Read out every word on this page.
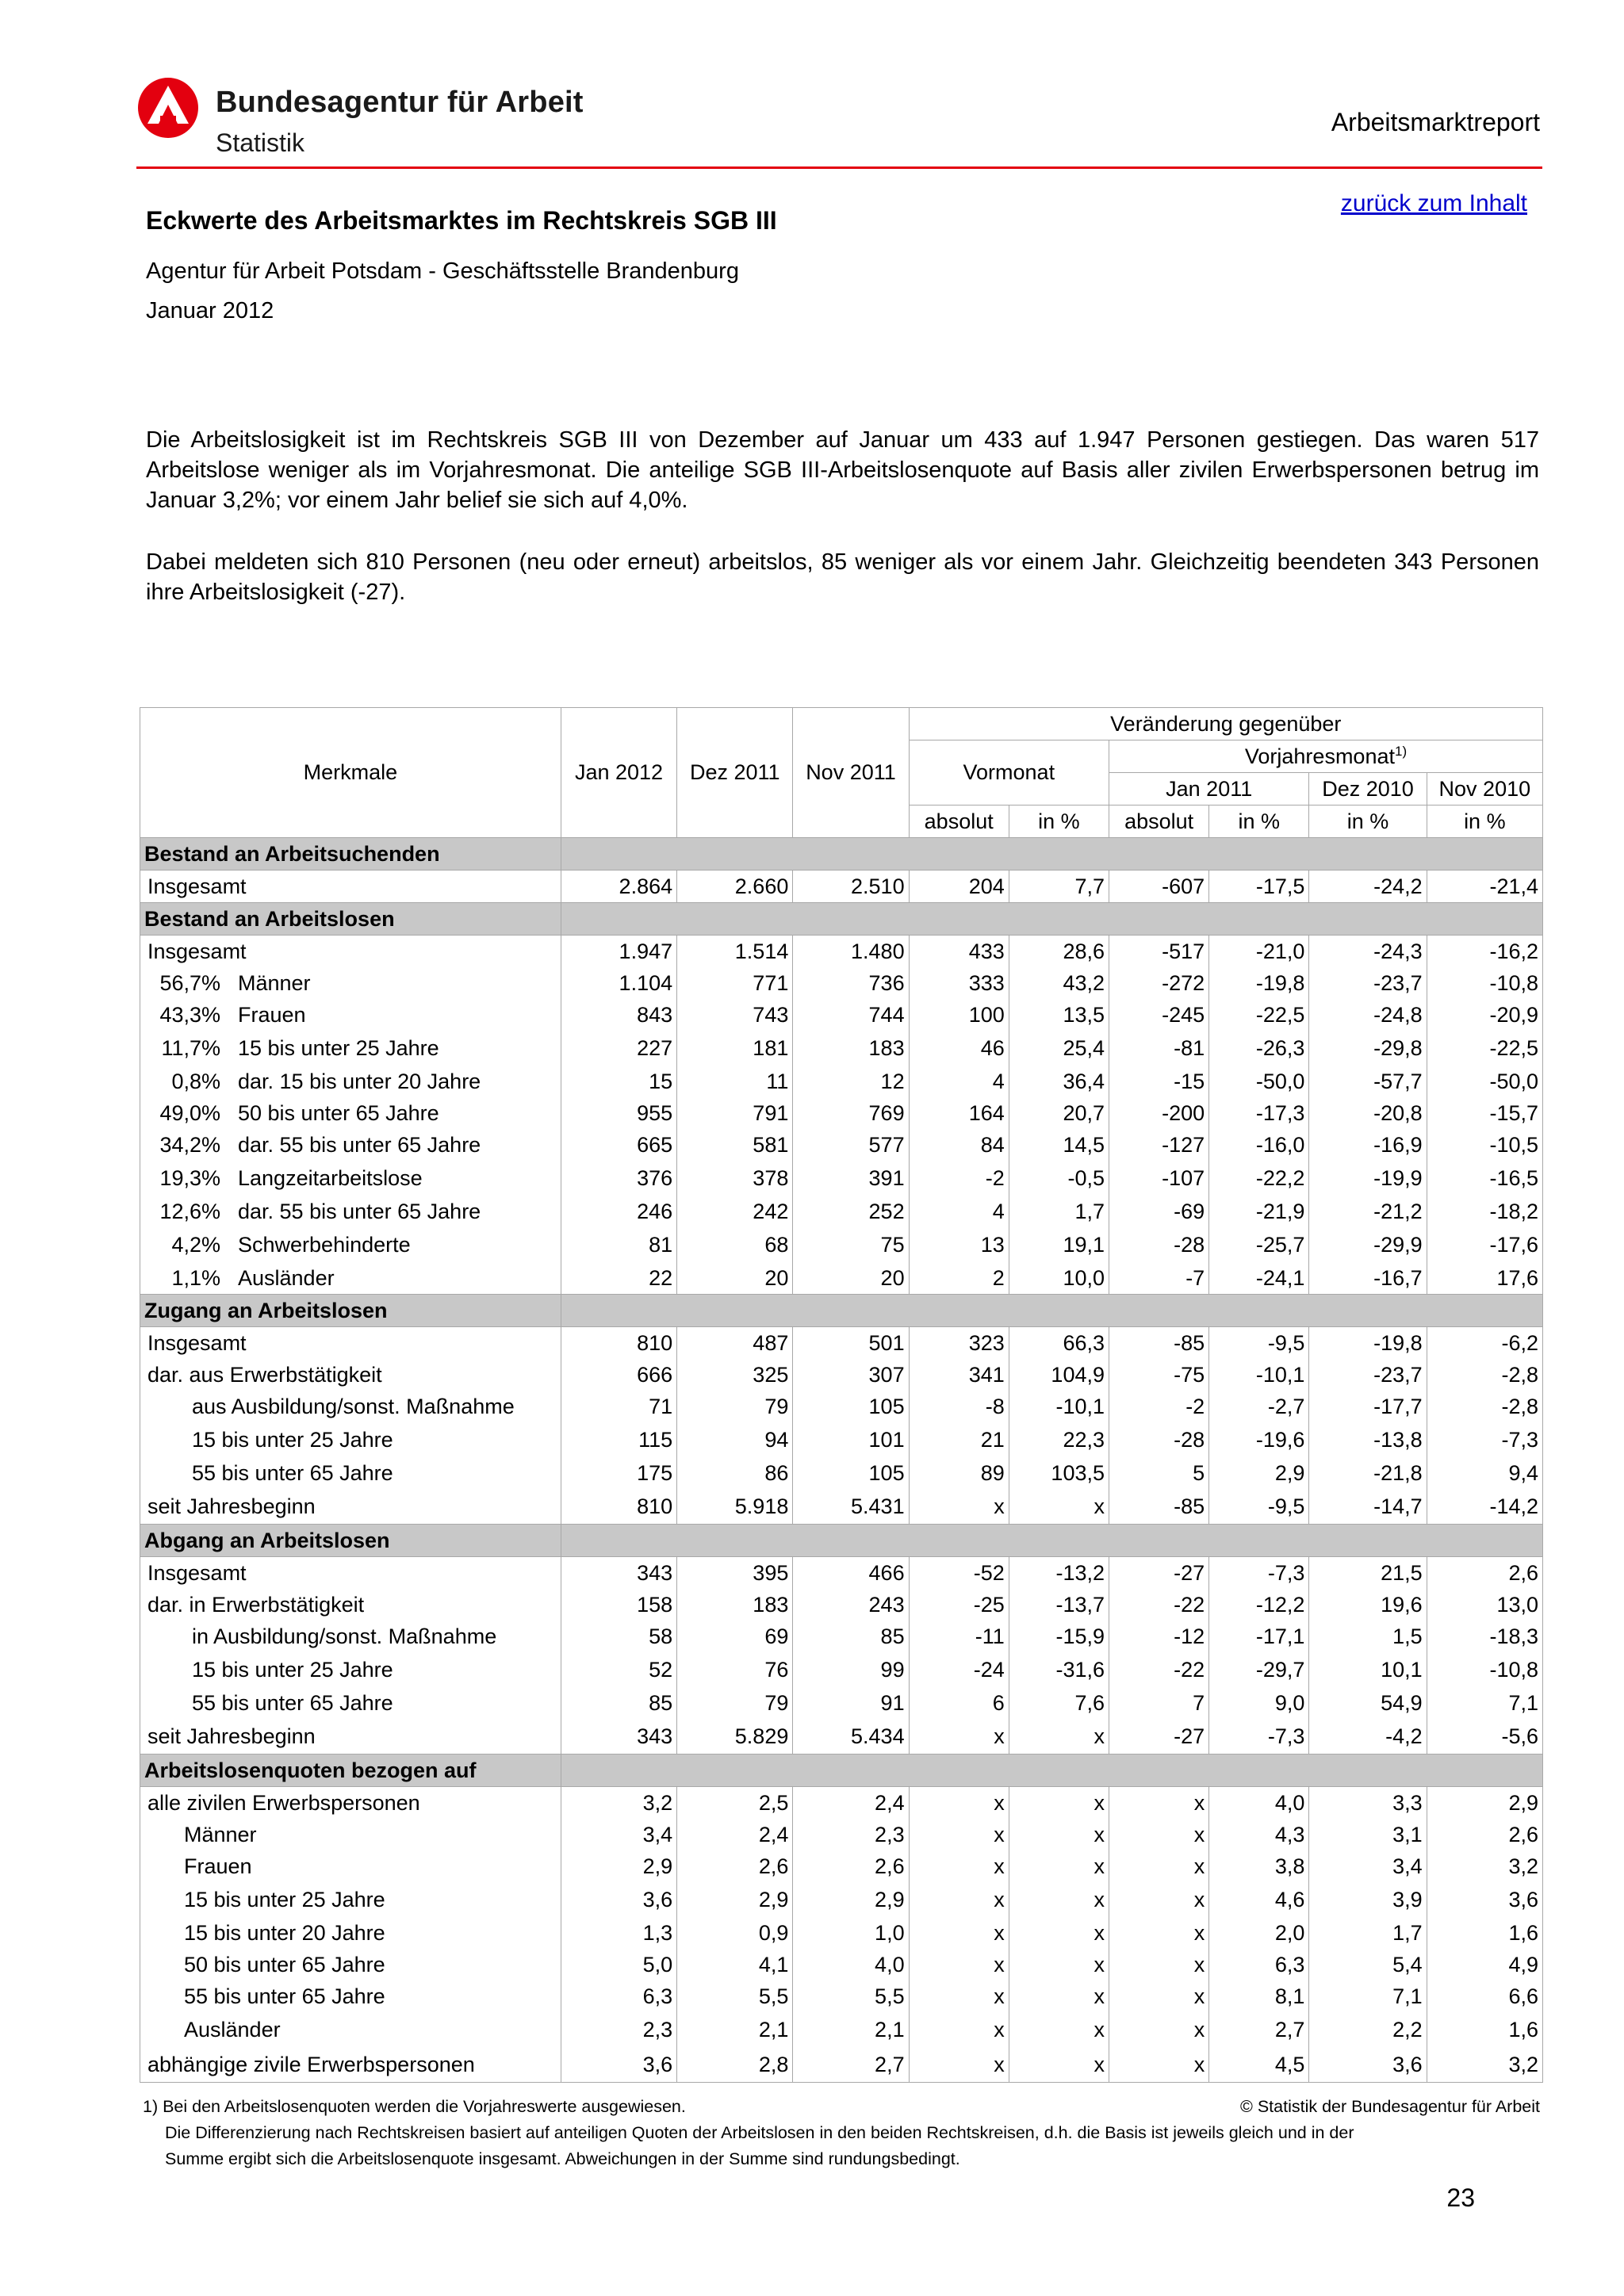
Bundesagentur für Arbeit
Statistik
Arbeitsmarktreport
zurück zum Inhalt
Eckwerte des Arbeitsmarktes im Rechtskreis SGB III
Agentur für Arbeit Potsdam - Geschäftsstelle Brandenburg
Januar 2012
Die Arbeitslosigkeit ist im Rechtskreis SGB III von Dezember auf Januar um 433 auf 1.947 Personen gestiegen. Das waren 517 Arbeitslose weniger als im Vorjahresmonat. Die anteilige SGB III-Arbeitslosenquote auf Basis aller zivilen Erwerbspersonen betrug im Januar 3,2%; vor einem Jahr belief sie sich auf 4,0%.
Dabei meldeten sich 810 Personen (neu oder erneut) arbeitslos, 85 weniger als vor einem Jahr. Gleichzeitig beendeten 343 Personen ihre Arbeitslosigkeit (-27).
Merkmale	Jan 2012	Dez 2011	Nov 2011	Veränderung gegenüber					
				Vormonat		Vorjahresmonat$^{1)}$
						Jan 2011		Dez 2010	Nov 2010
				absolut	in %	absolut	in %	in %	in %
Bestand an Arbeitsuchenden									
Insgesamt	2.864	2.660	2.510	204	7,7	-607	-17,5	-24,2	-21,4
Bestand an Arbeitslosen									
Insgesamt	1.947	1.514	1.480	433	28,6	-517	-21,0	-24,3	-16,2
56,7% Männer	1.104	771	736	333	43,2	-272	-19,8	-23,7	-10,8
43,3% Frauen	843	743	744	100	13,5	-245	-22,5	-24,8	-20,9
11,7% 15 bis unter 25 Jahre	227	181	183	46	25,4	-81	-26,3	-29,8	-22,5
0,8% dar. 15 bis unter 20 Jahre	15	11	12	4	36,4	-15	-50,0	-57,7	-50,0
49,0% 50 bis unter 65 Jahre	955	791	769	164	20,7	-200	-17,3	-20,8	-15,7
34,2% dar. 55 bis unter 65 Jahre	665	581	577	84	14,5	-127	-16,0	-16,9	-10,5
19,3% Langzeitarbeitslose	376	378	391	-2	-0,5	-107	-22,2	-19,9	-16,5
12,6% dar. 55 bis unter 65 Jahre	246	242	252	4	1,7	-69	-21,9	-21,2	-18,2
4,2% Schwerbehinderte	81	68	75	13	19,1	-28	-25,7	-29,9	-17,6
1,1% Ausländer	22	20	20	2	10,0	-7	-24,1	-16,7	17,6
Zugang an Arbeitslosen									
Insgesamt	810	487	501	323	66,3	-85	-9,5	-19,8	-6,2
dar. aus Erwerbstätigkeit	666	325	307	341	104,9	-75	-10,1	-23,7	-2,8
aus Ausbildung/sonst. Maßnahme	71	79	105	-8	-10,1	-2	-2,7	-17,7	-2,8
15 bis unter 25 Jahre	115	94	101	21	22,3	-28	-19,6	-13,8	-7,3
55 bis unter 65 Jahre	175	86	105	89	103,5	5	2,9	-21,8	9,4
seit Jahresbeginn	810	5.918	5.431	x	x	-85	-9,5	-14,7	-14,2
Abgang an Arbeitslosen									
Insgesamt	343	395	466	-52	-13,2	-27	-7,3	21,5	2,6
dar. in Erwerbstätigkeit	158	183	243	-25	-13,7	-22	-12,2	19,6	13,0
in Ausbildung/sonst. Maßnahme	58	69	85	-11	-15,9	-12	-17,1	1,5	-18,3
15 bis unter 25 Jahre	52	76	99	-24	-31,6	-22	-29,7	10,1	-10,8
55 bis unter 65 Jahre	85	79	91	6	7,6	7	9,0	54,9	7,1
seit Jahresbeginn	343	5.829	5.434	x	x	-27	-7,3	-4,2	-5,6
Arbeitslosenquoten bezogen auf									
alle zivilen Erwerbspersonen	3,2	2,5	2,4	x	x	x	4,0	3,3	2,9
Männer	3,4	2,4	2,3	x	x	x	4,3	3,1	2,6
Frauen	2,9	2,6	2,6	x	x	x	3,8	3,4	3,2
15 bis unter 25 Jahre	3,6	2,9	2,9	x	x	x	4,6	3,9	3,6
15 bis unter 20 Jahre	1,3	0,9	1,0	x	x	x	2,0	1,7	1,6
50 bis unter 65 Jahre	5,0	4,1	4,0	x	x	x	6,3	5,4	4,9
55 bis unter 65 Jahre	6,3	5,5	5,5	x	x	x	8,1	7,1	6,6
Ausländer	2,3	2,1	2,1	x	x	x	2,7	2,2	1,6
abhängige zivile Erwerbspersonen	3,6	2,8	2,7	x	x	x	4,5	3,6	3,2
1) Bei den Arbeitslosenquoten werden die Vorjahreswerte ausgewiesen.	© Statistik der Bundesagentur für Arbeit
Die Differenzierung nach Rechtskreisen basiert auf anteiligen Quoten der Arbeitslosen in den beiden Rechtskreisen, d.h. die Basis ist jeweils gleich und in der
Summe ergibt sich die Arbeitslosenquote insgesamt. Abweichungen in der Summe sind rundungsbedingt.
23
